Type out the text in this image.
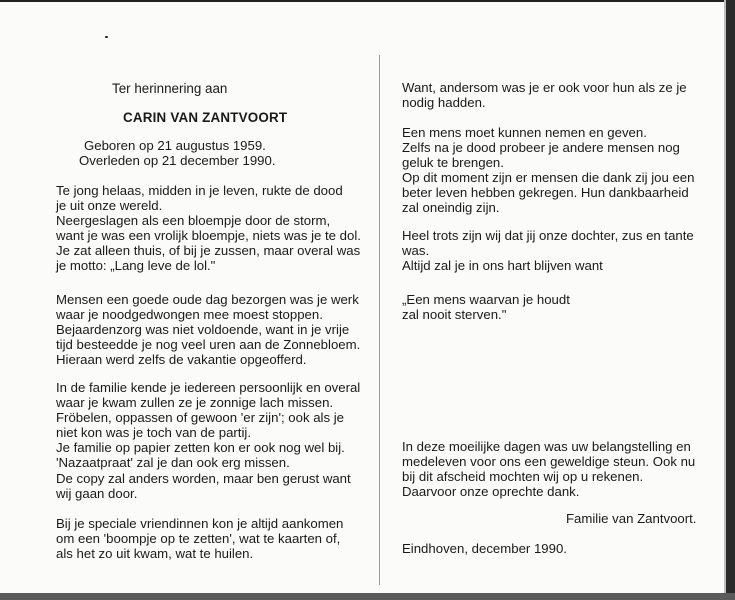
Ter herinnering aan
CARIN VAN ZANTVOORT
Geboren op 21 augustus 1959.
Overleden op 21 december 1990.
Te jong helaas, midden in je leven, rukte de dood
je uit onze wereld.
Neergeslagen als een bloempje door de storm,
want je was een vrolijk bloempje, niets was je te dol.
Je zat alleen thuis, of bij je zussen, maar overal was
je motto: „Lang leve de lol."
Mensen een goede oude dag bezorgen was je werk
waar je noodgedwongen mee moest stoppen.
Bejaardenzorg was niet voldoende, want in je vrije
tijd besteedde je nog veel uren aan de Zonnebloem.
Hieraan werd zelfs de vakantie opgeofferd.
In de familie kende je iedereen persoonlijk en overal
waar je kwam zullen ze je zonnige lach missen.
Fröbelen, oppassen of gewoon 'er zijn'; ook als je
niet kon was je toch van de partij.
Je familie op papier zetten kon er ook nog wel bij.
'Nazaatpraat' zal je dan ook erg missen.
De copy zal anders worden, maar ben gerust want
wij gaan door.
Bij je speciale vriendinnen kon je altijd aankomen
om een 'boompje op te zetten', wat te kaarten of,
als het zo uit kwam, wat te huilen.
Want, andersom was je er ook voor hun als ze je
nodig hadden.
Een mens moet kunnen nemen en geven.
Zelfs na je dood probeer je andere mensen nog
geluk te brengen.
Op dit moment zijn er mensen die dank zij jou een
beter leven hebben gekregen. Hun dankbaarheid
zal oneindig zijn.
Heel trots zijn wij dat jij onze dochter, zus en tante
was.
Altijd zal je in ons hart blijven want
„Een mens waarvan je houdt
zal nooit sterven."
In deze moeilijke dagen was uw belangstelling en
medeleven voor ons een geweldige steun. Ook nu
bij dit afscheid mochten wij op u rekenen.
Daarvoor onze oprechte dank.
Familie van Zantvoort.
Eindhoven, december 1990.
